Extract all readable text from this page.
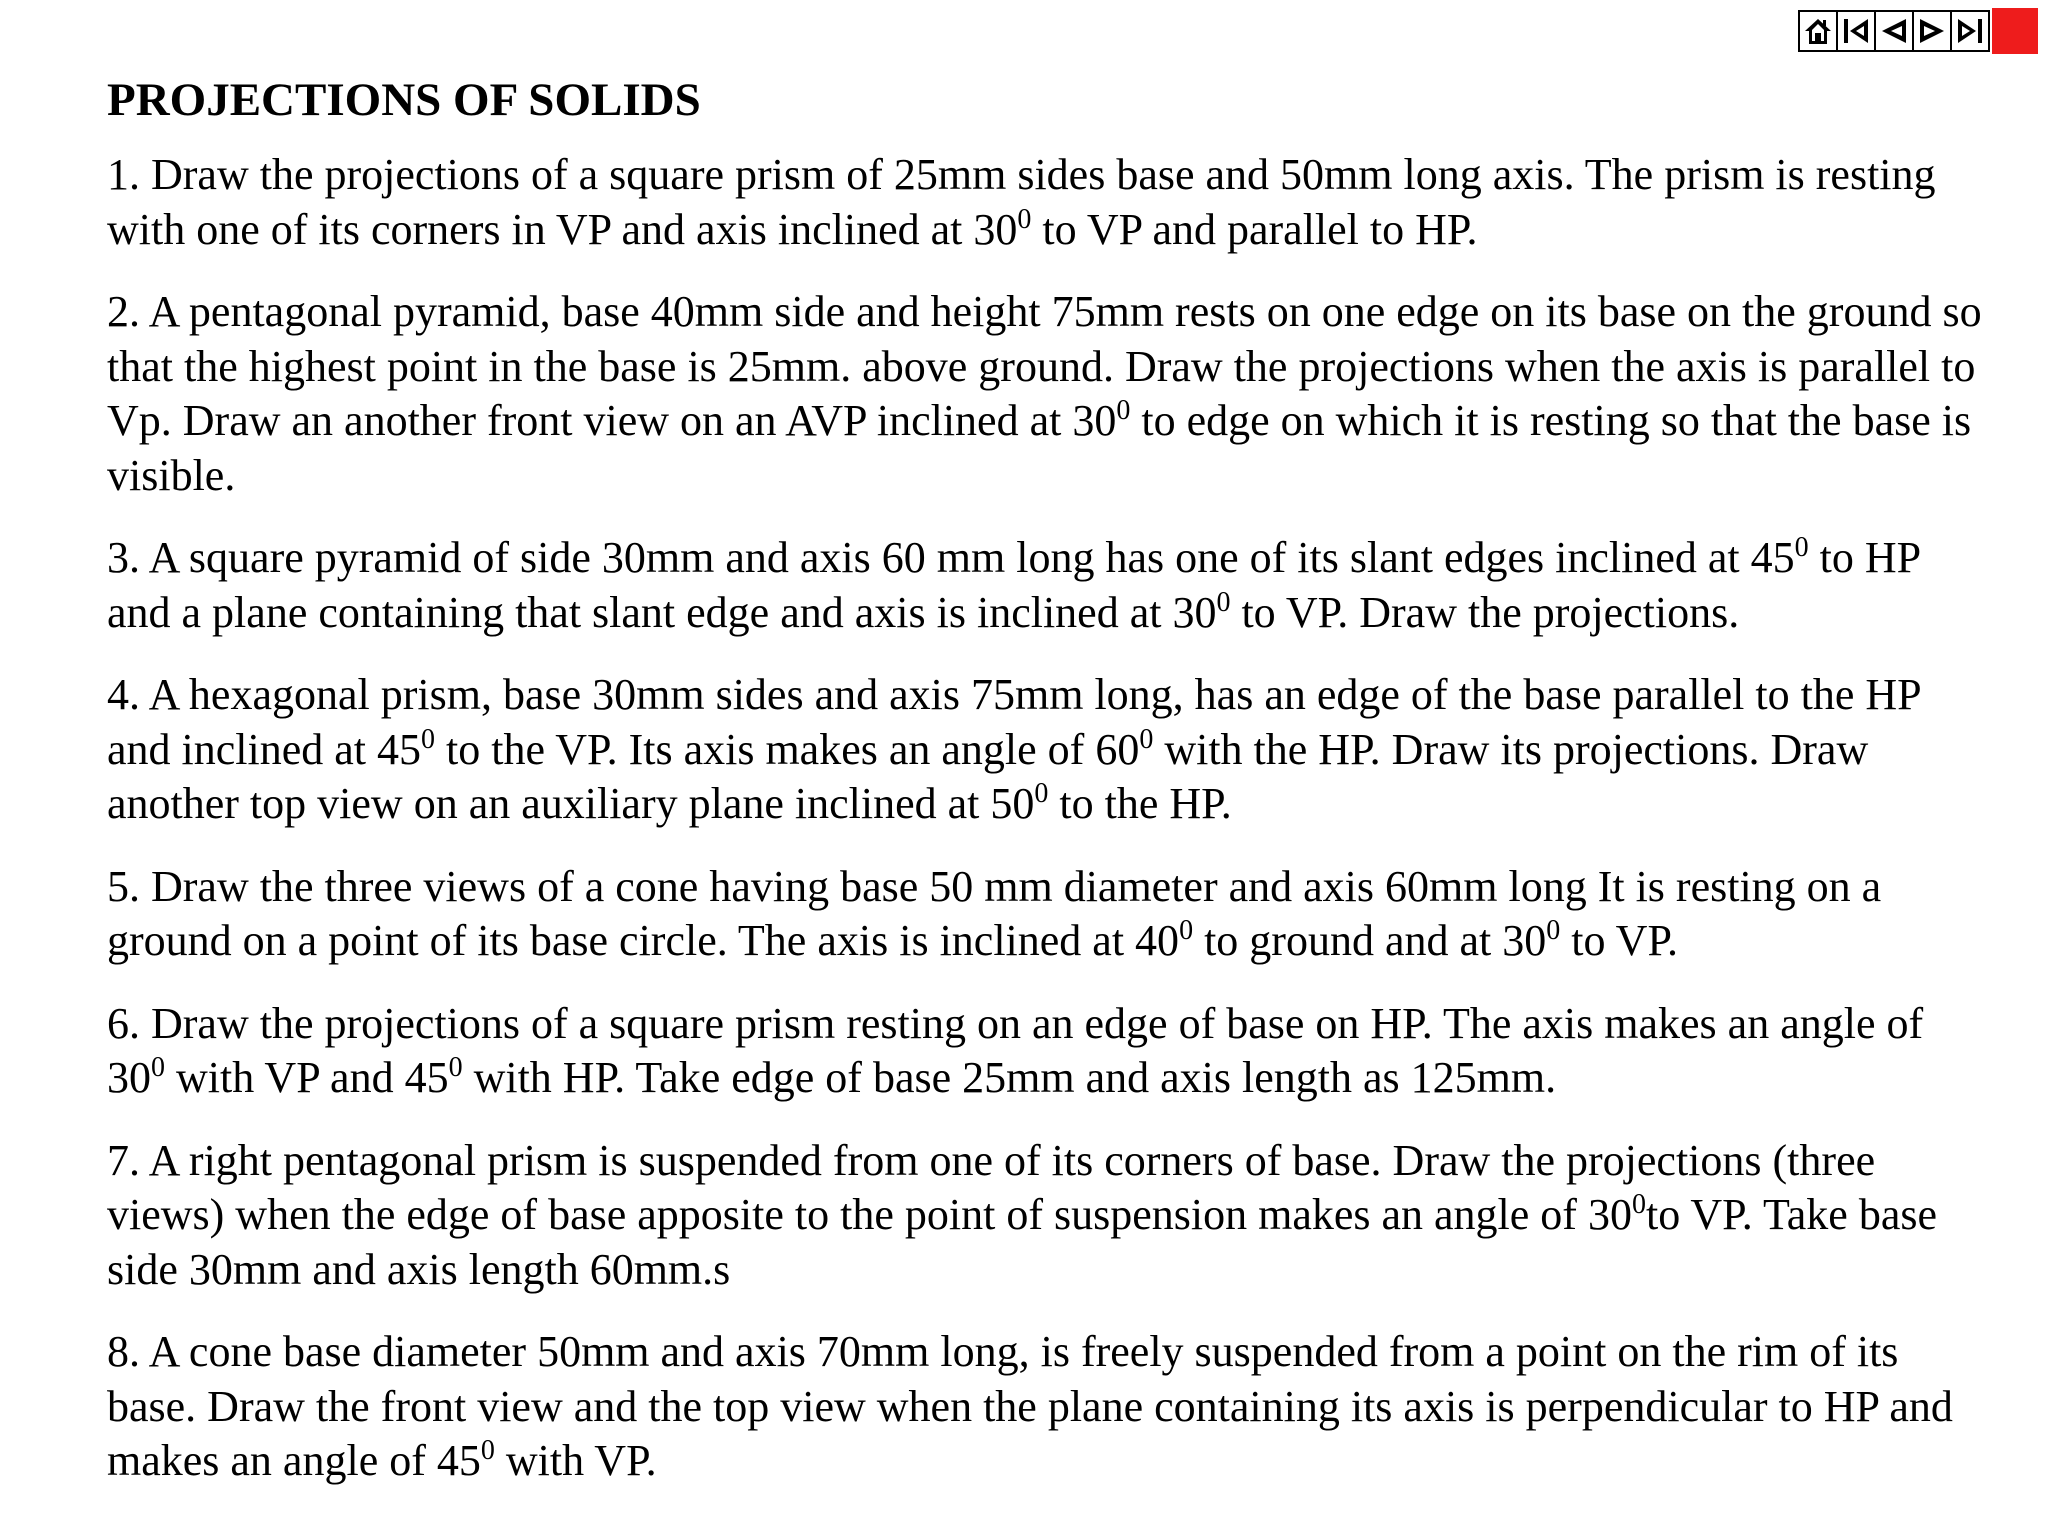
PROJECTIONS OF SOLIDS

1. Draw the projections of a square prism of 25mm sides base and 50mm long axis. The prism is resting with one of its corners in VP and axis inclined at $30^0$ to VP and parallel to HP.

2. A pentagonal pyramid, base 40mm side and height 75mm rests on one edge on its base on the ground so that the highest point in the base is 25mm. above ground. Draw the projections when the axis is parallel to Vp. Draw an another front view on an AVP inclined at $30^0$ to edge on which it is resting so that the base is visible.

3. A square pyramid of side 30mm and axis 60 mm long has one of its slant edges inclined at $45^0$ to HP and a plane containing that slant edge and axis is inclined at $30^0$ to VP. Draw the projections.

4. A hexagonal prism, base 30mm sides and axis 75mm long, has an edge of the base parallel to the HP and inclined at $45^0$ to the VP. Its axis makes an angle of $60^0$ with the HP. Draw its projections. Draw another top view on an auxiliary plane inclined at $50^0$ to the HP.

5. Draw the three views of a cone having base 50 mm diameter and axis 60mm long It is resting on a ground on a point of its base circle. The axis is inclined at $40^0$ to ground and at $30^0$ to VP.

6. Draw the projections of a square prism resting on an edge of base on HP. The axis makes an angle of $30^0$ with VP and $45^0$ with HP. Take edge of base 25mm and axis length as 125mm.

7. A right pentagonal prism is suspended from one of its corners of base. Draw the projections (three views) when the edge of base apposite to the point of suspension makes an angle of $30^0to$ VP. Take base side 30mm and axis length 60mm.s

8. A cone base diameter 50mm and axis 70mm long, is freely suspended from a point on the rim of its base. Draw the front view and the top view when the plane containing its axis is perpendicular to HP and makes an angle of $45^0$ with VP.
